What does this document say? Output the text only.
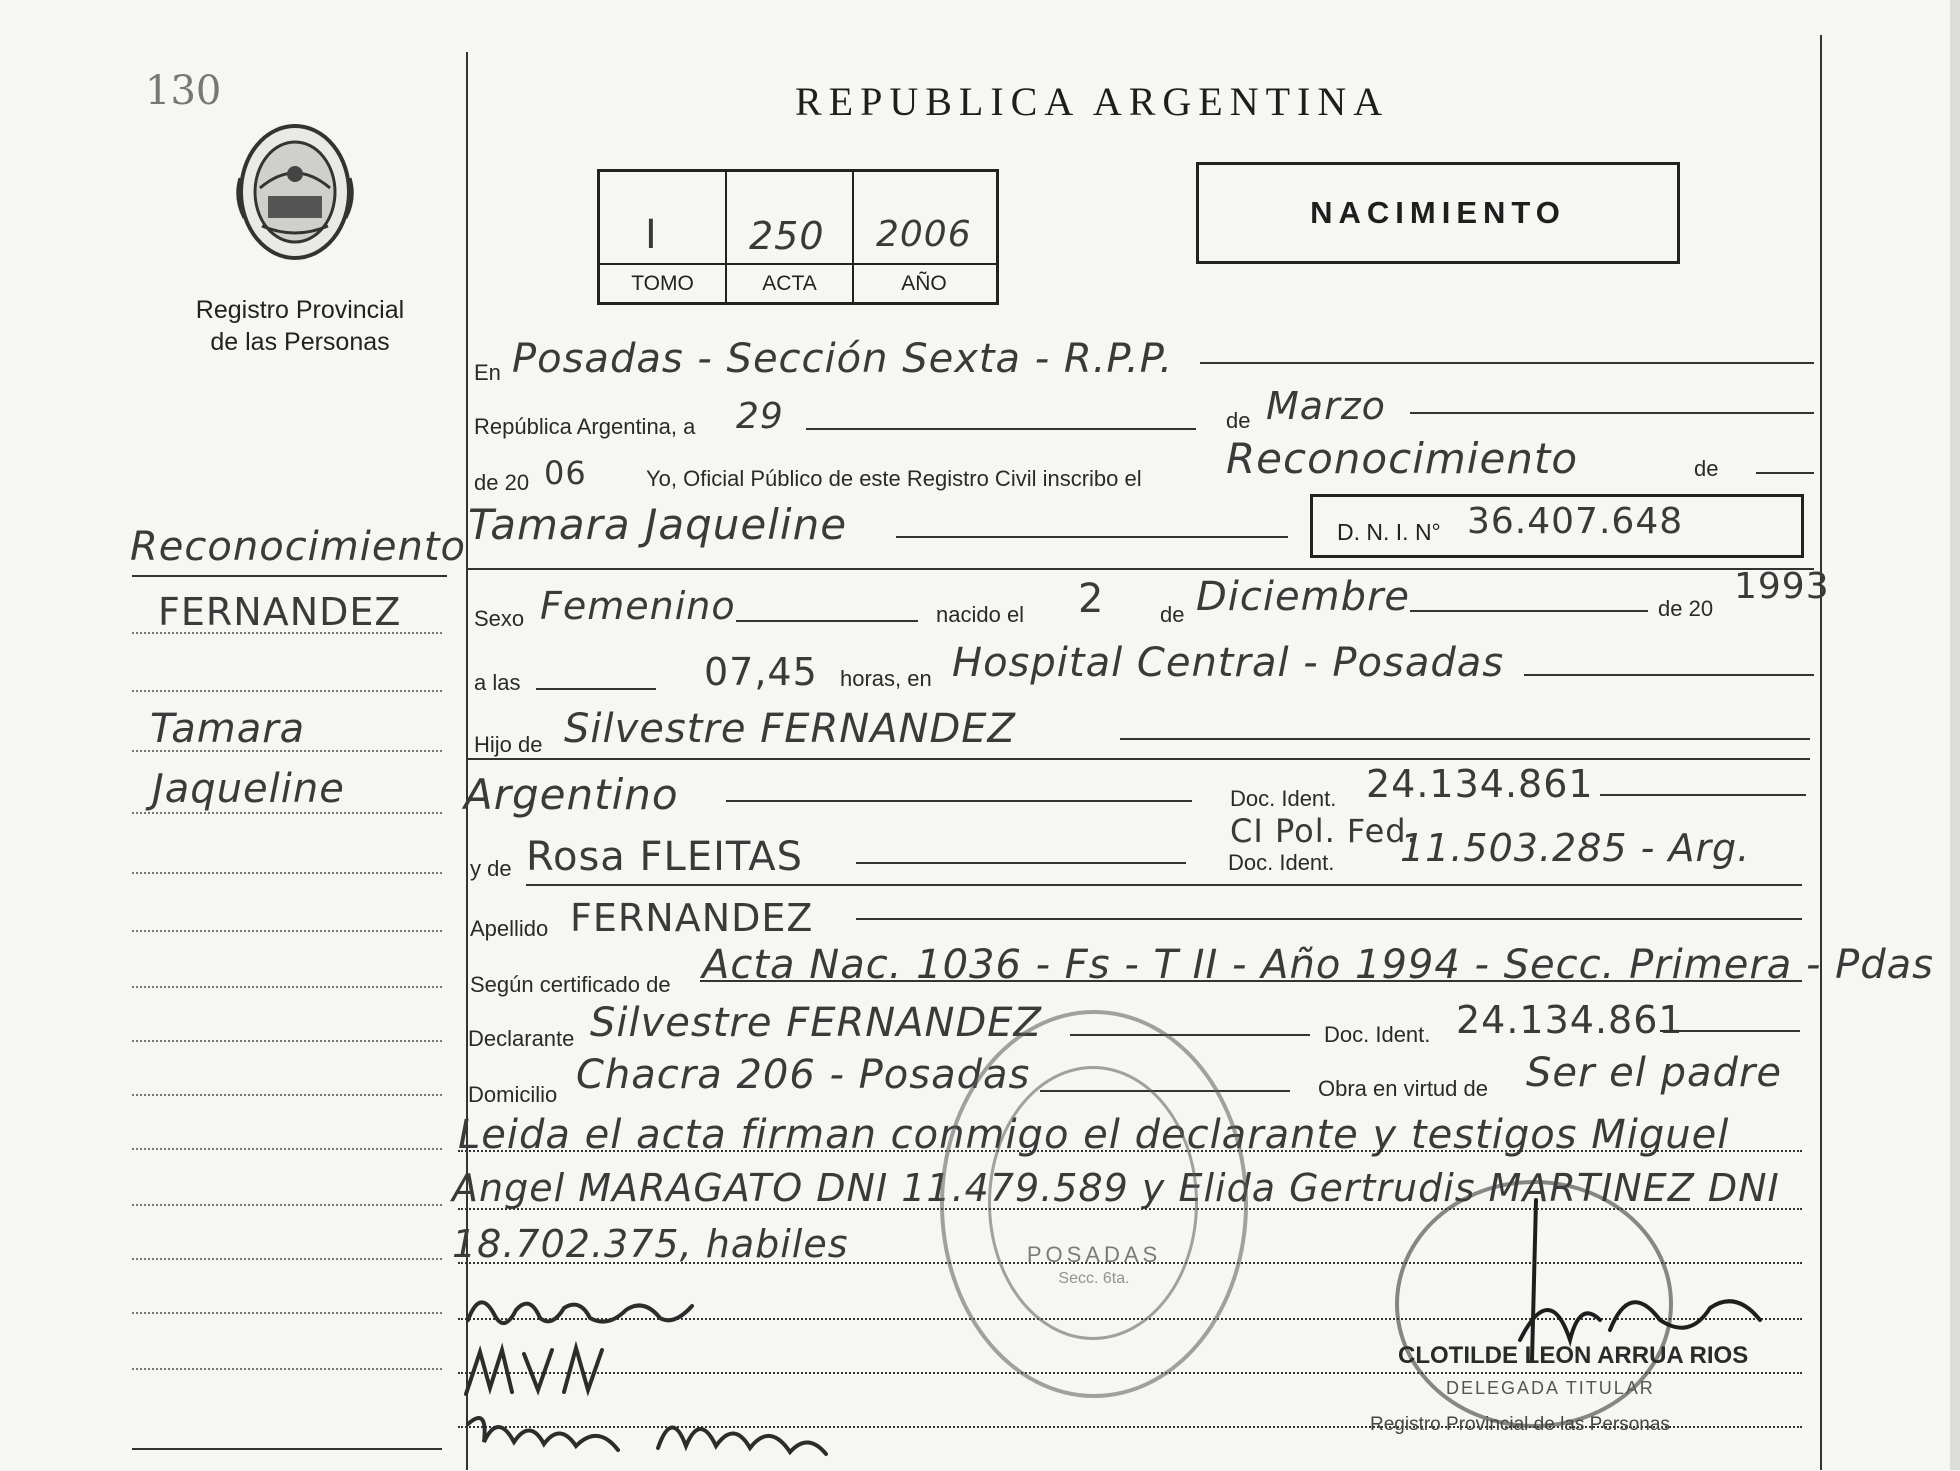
130
Registro Provincial
de las Personas
Reconocimiento
FERNANDEZ
Tamara
Jaqueline
REPUBLICA ARGENTINA
I 250 2006
TOMO	ACTA	AÑO
NACIMIENTO
En Posadas - Sección Sexta - R.P.P.
República Argentina, a 29	de Marzo
de 20 06	Yo, Oficial Público de este Registro Civil inscribo el Reconocimiento	de
Tamara Jaqueline	D. N. I. N° 36.407.648
Sexo Femenino	nacido el 2	de Diciembre	de 20
1993
a las	07,45 horas, en Hospital Central - Posadas
Hijo de Silvestre FERNANDEZ
Argentino	Doc. Ident. 24.134.861
y de Rosa FLEITAS
CI Pol. Fed.
Doc. Ident. 11.503.285 - Arg.
Apellido FERNANDEZ
Según certificado de Acta Nac. 1036 - Fs - T II - Año 1994 - Secc. Primera - Pdas
Declarante Silvestre FERNANDEZ	Doc. Ident. 24.134.861
Domicilio Chacra 206 - Posadas	Obra en virtud de Ser el padre
Leida el acta firman conmigo el declarante y testigos Miguel
Angel MARAGATO DNI 11.479.589 y Elida Gertrudis MARTINEZ DNI
18.702.375, habiles	POSADAS
Secc. 6ta.
CLOTILDE LEON ARRUA RIOS
DELEGADA TITULAR
Registro Provincial de las Personas
